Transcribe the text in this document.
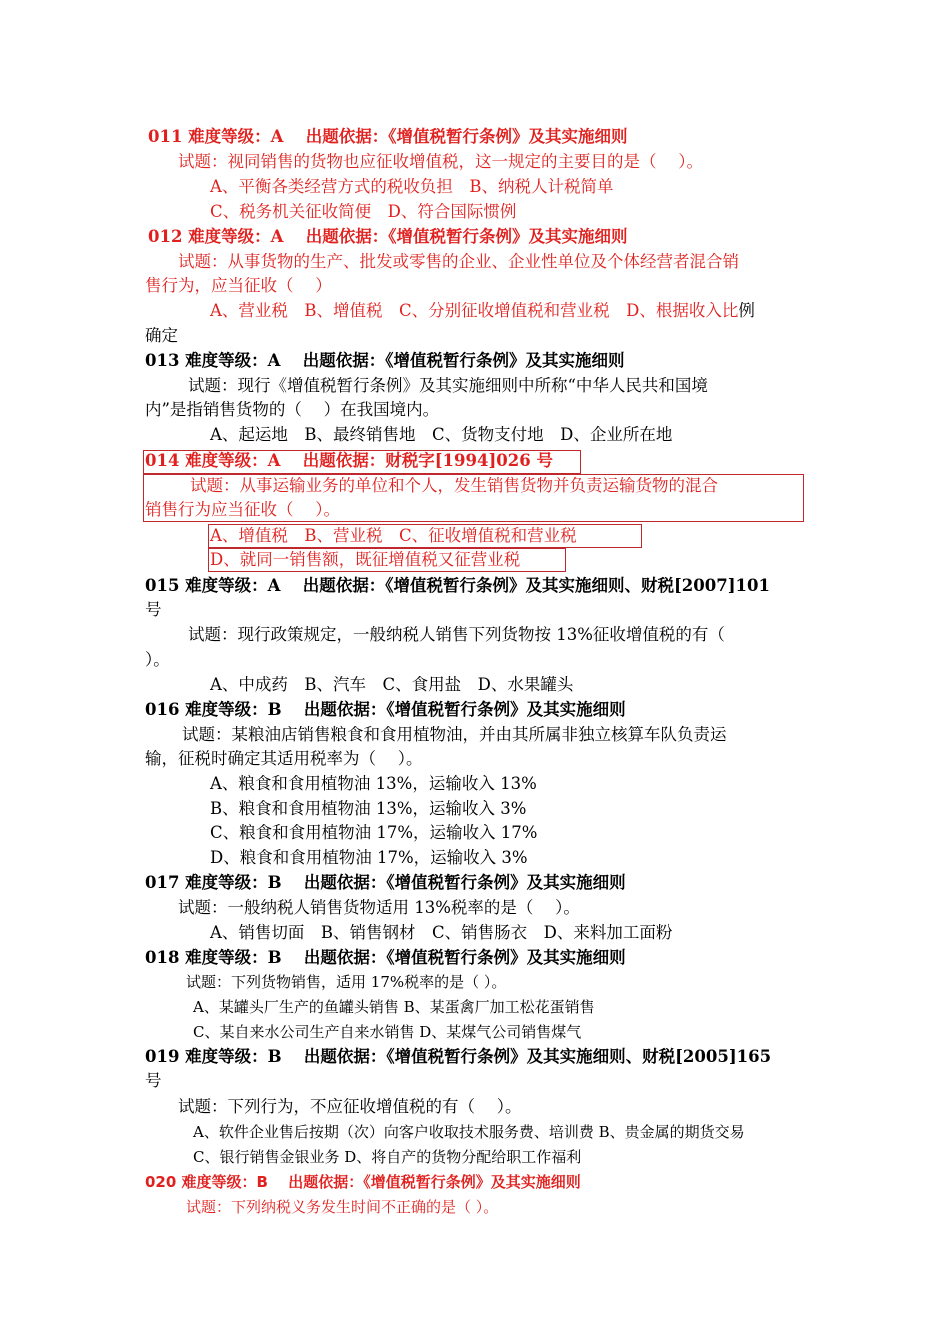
011 难度等级：A　 出题依据：《增值税暂行条例》及其实施细则
试题：视同销售的货物也应征收增值税，这一规定的主要目的是（　 ）。
A、平衡各类经营方式的税收负担　B、纳税人计税简单
C、税务机关征收简便　D、符合国际惯例
012 难度等级：A　 出题依据：《增值税暂行条例》及其实施细则
试题：从事货物的生产、批发或零售的企业、企业性单位及个体经营者混合销
售行为，应当征收（　 ）
A、营业税　B、增值税　C、分别征收增值税和营业税　D、根据收入比例
确定
013 难度等级：A　 出题依据：《增值税暂行条例》及其实施细则
试题：现行《增值税暂行条例》及其实施细则中所称“中华人民共和国境
内”是指销售货物的（　 ）在我国境内。
A、起运地　B、最终销售地　C、货物支付地　D、企业所在地
014 难度等级：A　 出题依据：财税字[1994]026 号
试题：从事运输业务的单位和个人，发生销售货物并负责运输货物的混合
销售行为应当征收（　 ）。
A、增值税　B、营业税　C、征收增值税和营业税
D、就同一销售额，既征增值税又征营业税
015 难度等级：A　 出题依据：《增值税暂行条例》及其实施细则、财税[2007]101
号
试题：现行政策规定，一般纳税人销售下列货物按 13%征收增值税的有（
）。
A、中成药　B、汽车　C、食用盐　D、水果罐头
016 难度等级：B　 出题依据：《增值税暂行条例》及其实施细则
试题：某粮油店销售粮食和食用植物油，并由其所属非独立核算车队负责运
输，征税时确定其适用税率为（　 ）。
A、粮食和食用植物油 13%，运输收入 13%
B、粮食和食用植物油 13%，运输收入 3%
C、粮食和食用植物油 17%，运输收入 17%
D、粮食和食用植物油 17%，运输收入 3%
017 难度等级：B　 出题依据：《增值税暂行条例》及其实施细则
试题：一般纳税人销售货物适用 13%税率的是（　 ）。
A、销售切面　B、销售钢材　C、销售肠衣　D、来料加工面粉
018 难度等级：B　 出题依据：《增值税暂行条例》及其实施细则
试题：下列货物销售，适用 17%税率的是（ ）。
A、某罐头厂生产的鱼罐头销售 B、某蛋禽厂加工松花蛋销售
C、某自来水公司生产自来水销售 D、某煤气公司销售煤气
019 难度等级：B　 出题依据：《增值税暂行条例》及其实施细则、财税[2005]165
号
试题：下列行为，不应征收增值税的有（　 ）。
A、软件企业售后按期（次）向客户收取技术服务费、培训费 B、贵金属的期货交易
C、银行销售金银业务 D、将自产的货物分配给职工作福利
020 难度等级：B　 出题依据：《增值税暂行条例》及其实施细则
试题：下列纳税义务发生时间不正确的是（ ）。
